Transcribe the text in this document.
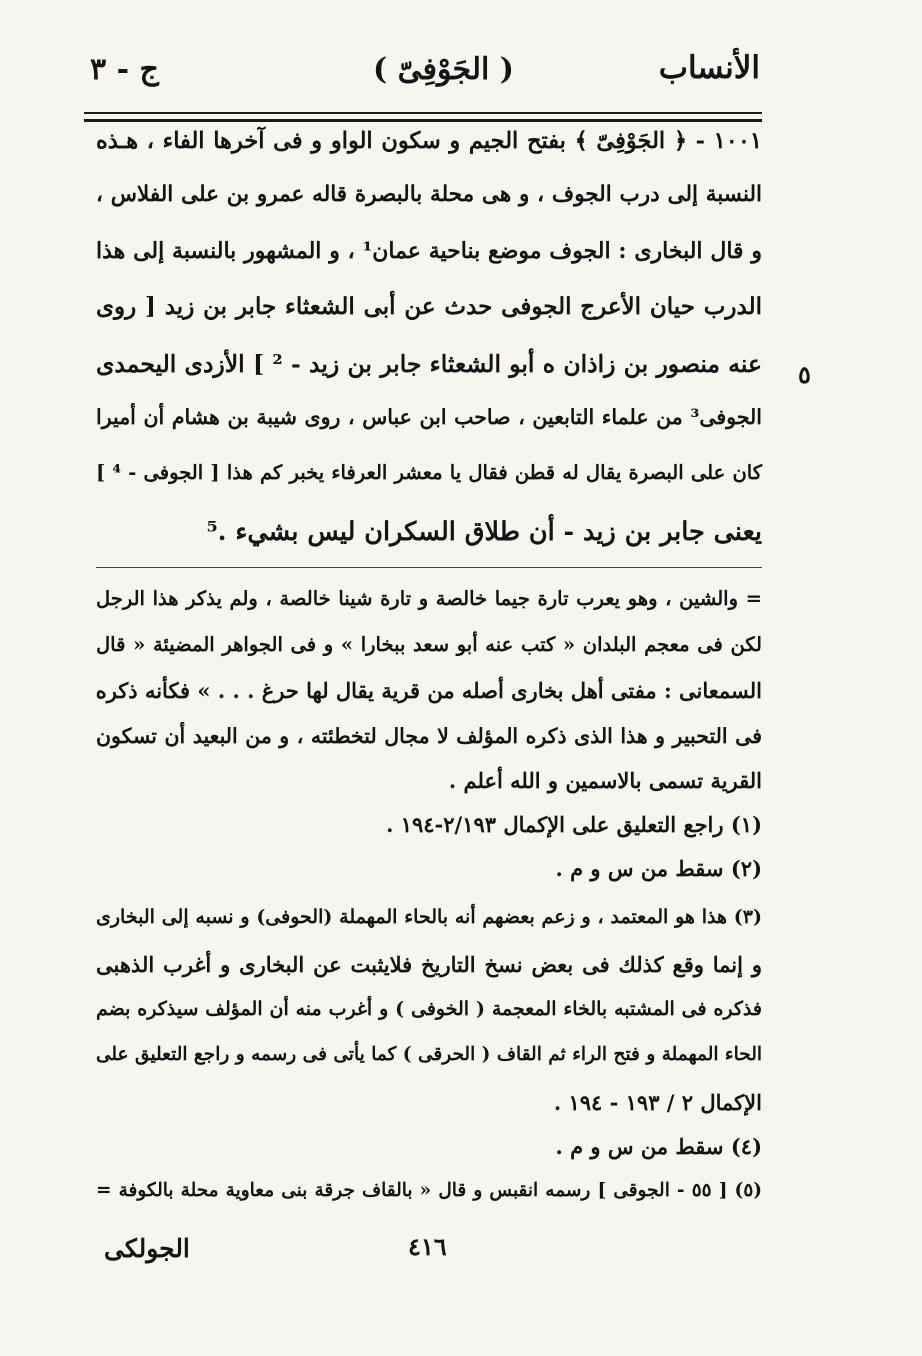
الأنساب
( الجَوْفِىّ )
ج - ٣
١٠٠١ - ﴿ الجَوْفِىّ ﴾ بفتح الجيم و سكون الواو و فى آخرها الفاء ، هـذه
النسبة إلى درب الجوف ، و هى محلة بالبصرة قاله عمرو بن على الفلاس ،
و قال البخارى : الجوف موضع بناحية عمان¹ ، و المشهور بالنسبة إلى هذا
الدرب حيان الأعرج الجوفى حدث عن أبى الشعثاء جابر بن زيد [ روى
عنه منصور بن زاذان ه أبو الشعثاء جابر بن زيد - ² ] الأزدى اليحمدى
الجوفى³ من علماء التابعين ، صاحب ابن عباس ، روى شيبة بن هشام أن أميرا
كان على البصرة يقال له قطن فقال يا معشر العرفاء يخبر كم هذا [ الجوفى - ⁴ ]
يعنى جابر بن زيد - أن طلاق السكران ليس بشيء .⁵
٥
= والشين ، وهو يعرب تارة جيما خالصة و تارة شينا خالصة ، ولم يذكر هذا الرجل
لكن فى معجم البلدان « كتب عنه أبو سعد ببخارا » و فى الجواهر المضيئة « قال
السمعانى : مفتى أهل بخارى أصله من قرية يقال لها حرغ . . . » فكأنه ذكره
فى التحبير و هذا الذى ذكره المؤلف لا مجال لتخطئته ، و من البعيد أن تسكون
القرية تسمى بالاسمين و الله أعلم .
(١) راجع التعليق على الإكمال ٢/١٩٣-١٩٤ .
(٢) سقط من س و م .
(٣) هذا هو المعتمد ، و زعم بعضهم أنه بالحاء المهملة (الحوفى) و نسبه إلى البخارى
و إنما وقع كذلك فى بعض نسخ التاريخ فلايثبت عن البخارى و أغرب الذهبى
فذكره فى المشتبه بالخاء المعجمة ( الخوفى ) و أغرب منه أن المؤلف سيذكره بضم
الحاء المهملة و فتح الراء ثم القاف ( الحرقى ) كما يأتى فى رسمه و راجع التعليق على
الإكمال ٢ / ١٩٣ - ١٩٤ .
(٤) سقط من س و م .
(٥) [ ٥٥ - الجوقى ] رسمه انقبس و قال « بالقاف جرقة بنى معاوية محلة بالكوفة =
٤١٦
الجولكى
